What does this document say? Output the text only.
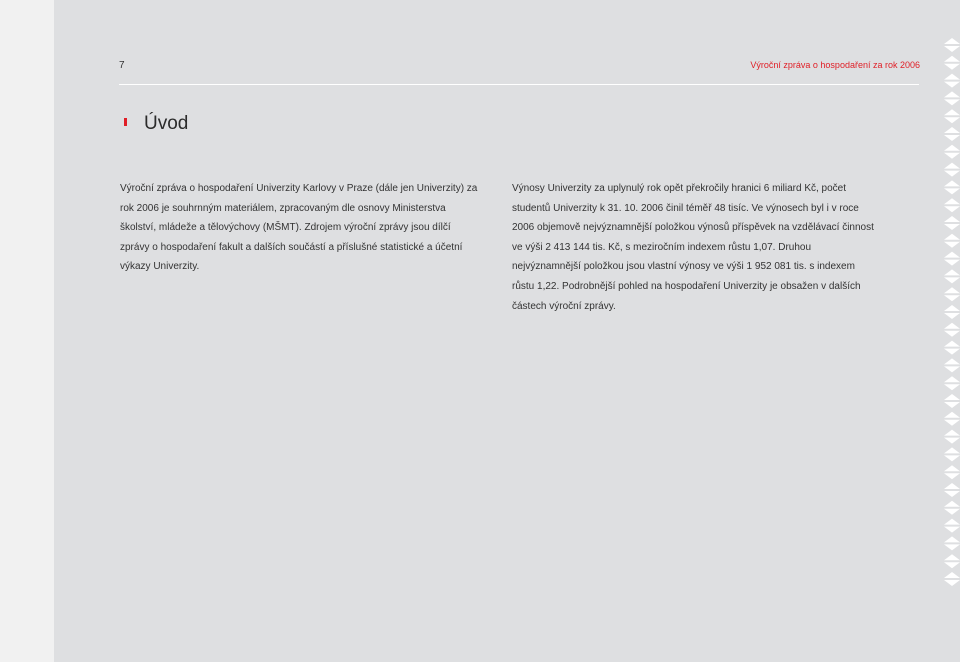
7	Výroční zpráva o hospodaření za rok 2006
Úvod

Výroční zpráva o hospodaření Univerzity Karlovy v Praze (dále jen Univerzity) za rok 2006 je souhrnným materiálem, zpracovaným dle osnovy Ministerstva školství, mládeže a tělovýchovy (MŠMT). Zdrojem výroční zprávy jsou dílčí zprávy o hospodaření fakult a dalších součástí a příslušné statistické a účetní výkazy Univerzity.

Výnosy Univerzity za uplynulý rok opět překročily hranici 6 miliard Kč, počet studentů Univerzity k 31. 10. 2006 činil téměř 48 tisíc. Ve výnosech byl i v roce 2006 objemově nejvýznamnější položkou výnosů příspěvek na vzdělávací činnost ve výši 2 413 144 tis. Kč, s meziročním indexem růstu 1,07. Druhou nejvýznamnější položkou jsou vlastní výnosy ve výši 1 952 081 tis. s indexem růstu 1,22. Podrobnější pohled na hospodaření Univerzity je obsažen v dalších částech výroční zprávy.
